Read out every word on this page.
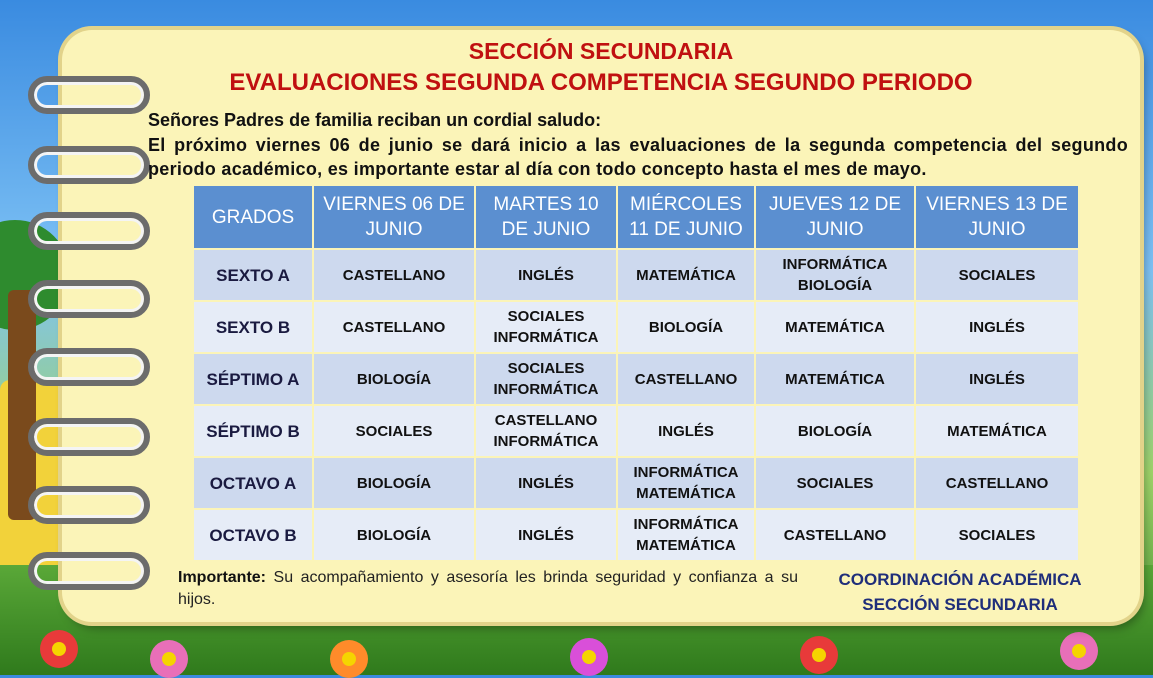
SECCIÓN SECUNDARIA
EVALUACIONES SEGUNDA COMPETENCIA SEGUNDO PERIODO
Señores Padres de familia reciban un cordial saludo:
El próximo viernes 06 de junio se dará inicio a las evaluaciones de la segunda competencia del segundo periodo académico, es importante estar al día con todo concepto hasta el mes de mayo.
GRADOS	VIERNES 06 DE JUNIO	MARTES 10 DE JUNIO	MIÉRCOLES 11 DE JUNIO	JUEVES 12 DE JUNIO	VIERNES 13 DE JUNIO
SEXTO A	CASTELLANO	INGLÉS	MATEMÁTICA	INFORMÁTICA BIOLOGÍA	SOCIALES
SEXTO B	CASTELLANO	SOCIALES INFORMÁTICA	BIOLOGÍA	MATEMÁTICA	INGLÉS
SÉPTIMO A	BIOLOGÍA	SOCIALES INFORMÁTICA	CASTELLANO	MATEMÁTICA	INGLÉS
SÉPTIMO B	SOCIALES	CASTELLANO INFORMÁTICA	INGLÉS	BIOLOGÍA	MATEMÁTICA
OCTAVO A	BIOLOGÍA	INGLÉS	INFORMÁTICA MATEMÁTICA	SOCIALES	CASTELLANO
OCTAVO B	BIOLOGÍA	INGLÉS	INFORMÁTICA MATEMÁTICA	CASTELLANO	SOCIALES
Importante: Su acompañamiento y asesoría les brinda seguridad y confianza a su hijos.
COORDINACIÓN ACADÉMICA
SECCIÓN SECUNDARIA
